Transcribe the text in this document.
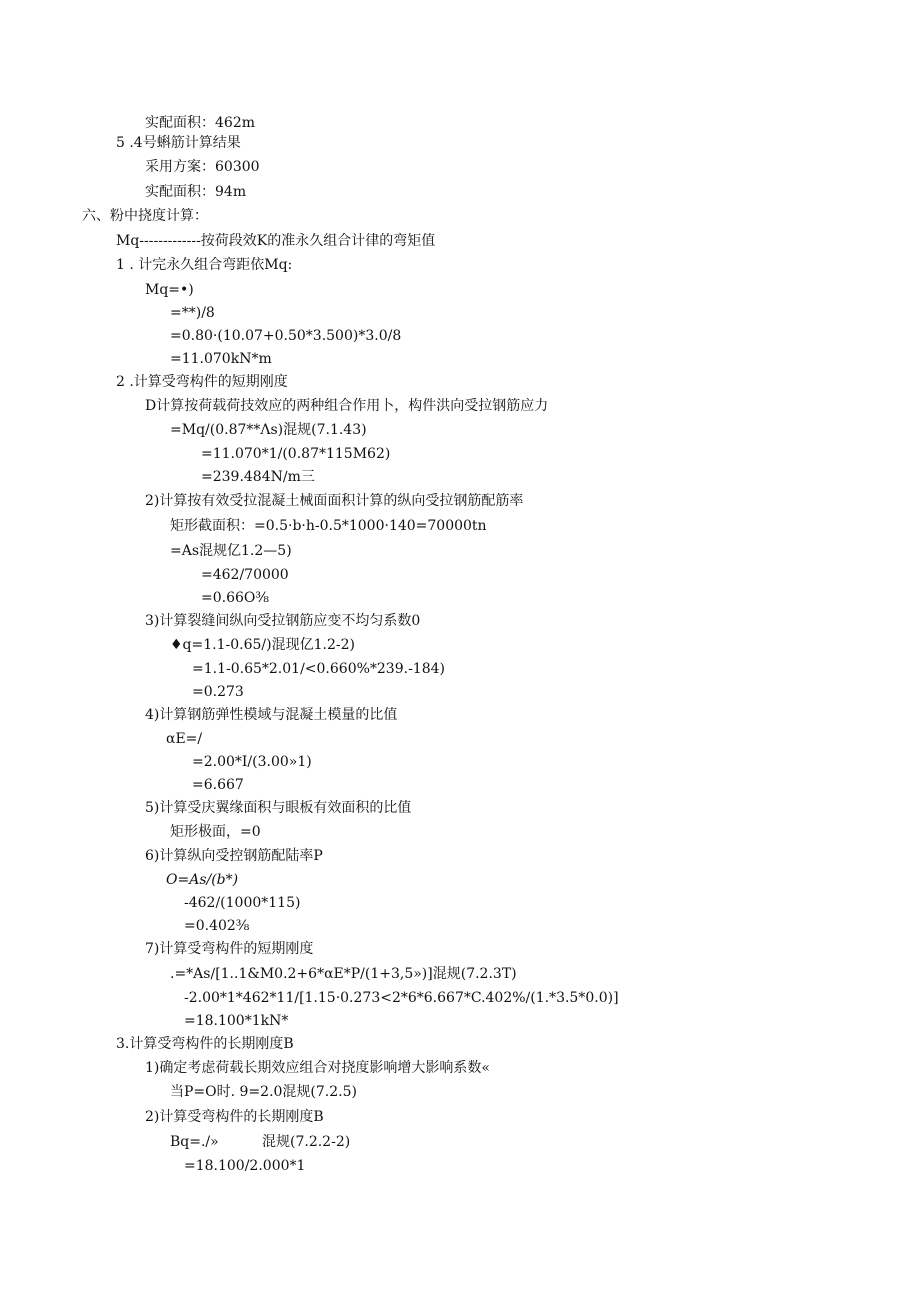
实配面积：462m
5 .4号蝌筋计算结果
采用方案：60300
实配面积：94m
六、粉中挠度计算：
Mq-------------按荷段效K的准永久组合计律的弯矩值
1 . 计完永久组合弯距依Mq:
Mq=•)
=**)/8
=0.80·(10.07+0.50*3.500)*3.0/8
=11.070kN*m
2 .计算受弯构件的短期刚度
D计算按荷载荷技效应的两种组合作用卜，构件洪向受拉钢筋应力
=Mq/(0.87**Λs)混规(7.1.43)
=11.070*1/(0.87*115M62)
=239.484N∕m三
2)计算按有效受拉混凝土械面面积计算的纵向受拉钢筋配筋率
矩形截面积：=0.5·b·h-0.5*1000·140=70000tn
=As混规亿1.2—5)
=462/70000
=0.66O⅜
3)计算裂缝间纵向受拉钢筋应变不均匀系数0
♦q=1.1-0.65/)混现亿1.2-2)
=1.1-0.65*2.01∕<0.660%*239.-184)
=0.273
4)计算钢筋弹性模域与混凝土模量的比值
αE=/
=2.00*I/(3.00»1)
=6.667
5)计算受庆翼缘面积与眼板有效面积的比值
矩形极面，=0
6)计算纵向受控钢筋配陆率P
O=As/(b*)
-462/(1000*115)
=0.402⅜
7)计算受弯构件的短期刚度
.=*As∕[1..1&M0.2+6*αE*P/(1+3,5»)]混规(7.2.3T)
-2.00*1*462*11∕[1.15·0.273<2*6*6.667*C.402%∕(1.*3.5*0.0)]
=18.100*1kN*
3.计算受弯构件的长期刚度B
1)确定考虑荷载长期效应组合对挠度影响增大影响系数«
当P=O时. 9=2.0混规(7.2.5)
2)计算受弯构件的长期刚度B
Bq=./»	混规(7.2.2-2)
=18.100/2.000*1
